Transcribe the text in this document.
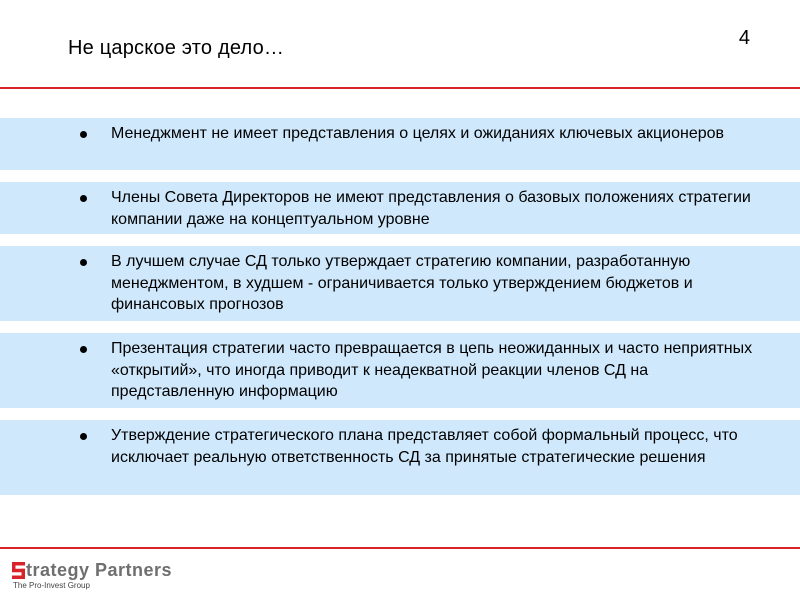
Не царское это дело…	4
Менеджмент не имеет представления о целях и ожиданиях ключевых акционеров
Члены Совета Директоров не имеют представления о базовых положениях стратегии компании даже на концептуальном уровне
В лучшем случае СД только утверждает стратегию компании, разработанную менеджментом, в худшем - ограничивается только утверждением бюджетов и финансовых прогнозов
Презентация стратегии часто превращается в цепь неожиданных и часто неприятных «открытий», что иногда приводит к неадекватной реакции членов СД на представленную информацию
Утверждение стратегического плана представляет собой формальный процесс, что исключает реальную ответственность СД за принятые стратегические решения
trategy Partners
The Pro-Invest Group
